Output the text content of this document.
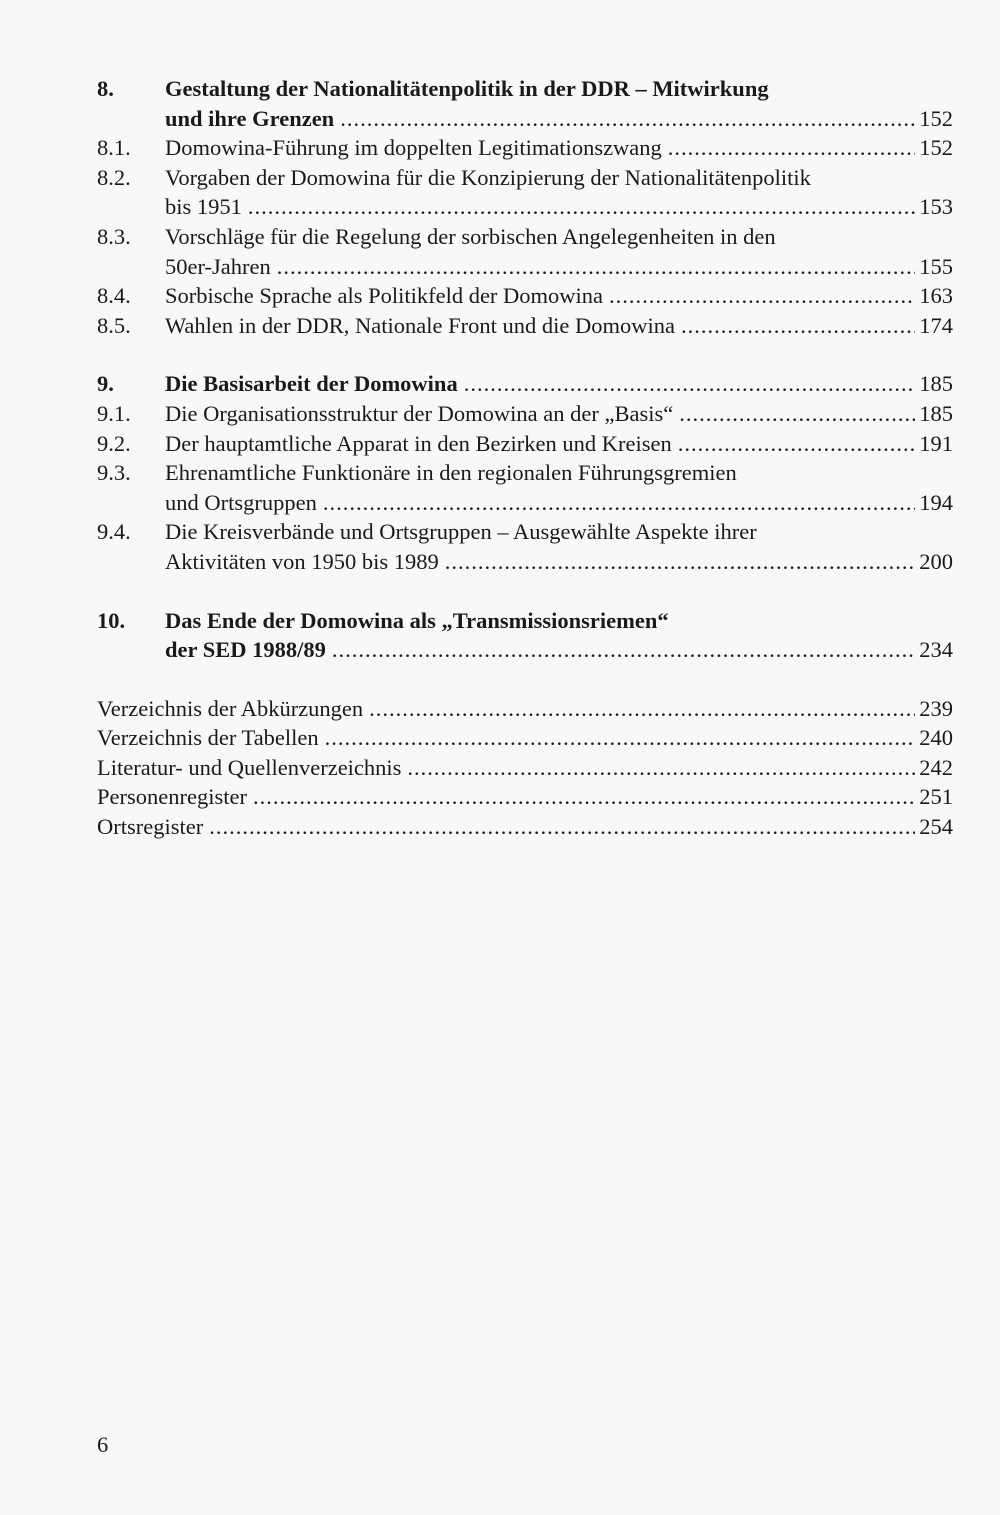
8.	Gestaltung der Nationalitätenpolitik in der DDR – Mitwirkung
und ihre Grenzen .....	152
8.1.	Domowina-Führung im doppelten Legitimationszwang .....	152
8.2.	Vorgaben der Domowina für die Konzipierung der Nationalitätenpolitik
bis 1951 .....	153
8.3.	Vorschläge für die Regelung der sorbischen Angelegenheiten in den
50er-Jahren .....	155
8.4.	Sorbische Sprache als Politikfeld der Domowina .....	163
8.5.	Wahlen in der DDR, Nationale Front und die Domowina .....	174
9.	Die Basisarbeit der Domowina .....	185
9.1.	Die Organisationsstruktur der Domowina an der „Basis“ .....	185
9.2.	Der hauptamtliche Apparat in den Bezirken und Kreisen .....	191
9.3.	Ehrenamtliche Funktionäre in den regionalen Führungsgremien
und Ortsgruppen .....	194
9.4.	Die Kreisverbände und Ortsgruppen – Ausgewählte Aspekte ihrer
Aktivitäten von 1950 bis 1989 .....	200
10.	Das Ende der Domowina als „Transmissionsriemen“
der SED 1988/89 .....	234
Verzeichnis der Abkürzungen .....	239
Verzeichnis der Tabellen .....	240
Literatur- und Quellenverzeichnis .....	242
Personenregister .....	251
Ortsregister .....	254
6
